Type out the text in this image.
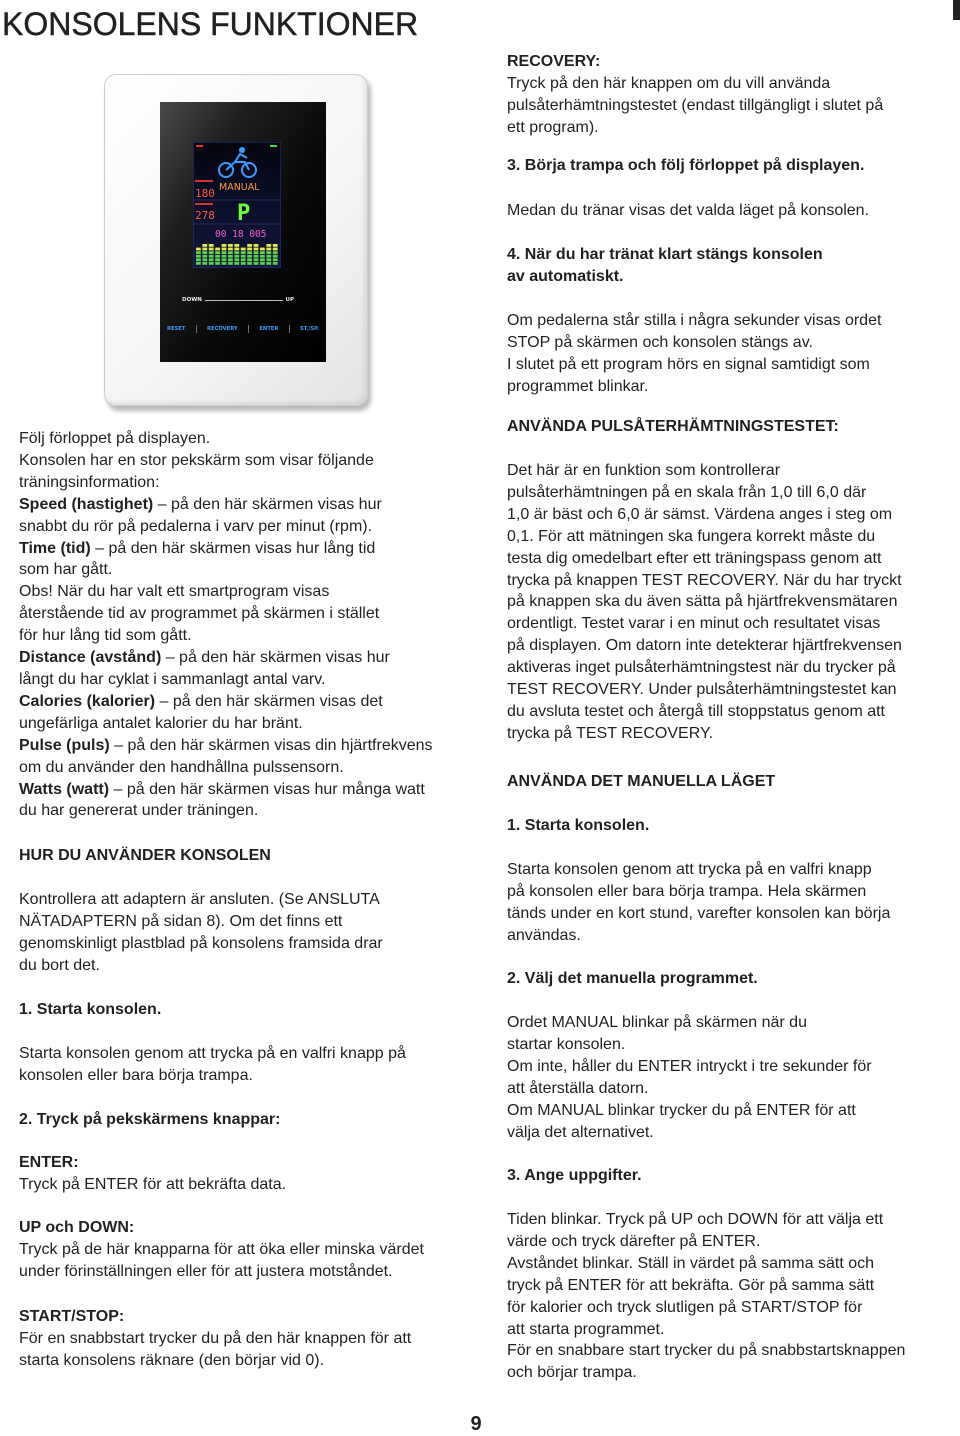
KONSOLENS FUNKTIONER
MANUAL
180
278 P
00 18 005
DOWN	UP
RESET	RECOVERY	ENTER	ST./SP.
Följ förloppet på displayen.
Konsolen har en stor pekskärm som visar följande
träningsinformation:
Speed (hastighet) – på den här skärmen visas hur
snabbt du rör på pedalerna i varv per minut (rpm).
Time (tid) – på den här skärmen visas hur lång tid
som har gått.
Obs! När du har valt ett smartprogram visas
återstående tid av programmet på skärmen i stället
för hur lång tid som gått.
Distance (avstånd) – på den här skärmen visas hur
långt du har cyklat i sammanlagt antal varv.
Calories (kalorier) – på den här skärmen visas det
ungefärliga antalet kalorier du har bränt.
Pulse (puls) – på den här skärmen visas din hjärtfrekvens
om du använder den handhållna pulssensorn.
Watts (watt) – på den här skärmen visas hur många watt
du har genererat under träningen.
HUR DU ANVÄNDER KONSOLEN
Kontrollera att adaptern är ansluten. (Se ANSLUTA
NÄTADAPTERN på sidan 8). Om det finns ett
genomskinligt plastblad på konsolens framsida drar
du bort det.
1. Starta konsolen.
Starta konsolen genom att trycka på en valfri knapp på
konsolen eller bara börja trampa.
2. Tryck på pekskärmens knappar:
ENTER:
Tryck på ENTER för att bekräfta data.
UP och DOWN:
Tryck på de här knapparna för att öka eller minska värdet
under förinställningen eller för att justera motståndet.
START/STOP:
För en snabbstart trycker du på den här knappen för att
starta konsolens räknare (den börjar vid 0).
RECOVERY:
Tryck på den här knappen om du vill använda
pulsåterhämtningstestet (endast tillgängligt i slutet på
ett program).
3. Börja trampa och följ förloppet på displayen.
Medan du tränar visas det valda läget på konsolen.
4. När du har tränat klart stängs konsolen
av automatiskt.
Om pedalerna står stilla i några sekunder visas ordet
STOP på skärmen och konsolen stängs av.
I slutet på ett program hörs en signal samtidigt som
programmet blinkar.
ANVÄNDA PULSÅTERHÄMTNINGSTESTET:
Det här är en funktion som kontrollerar
pulsåterhämtningen på en skala från 1,0 till 6,0 där
1,0 är bäst och 6,0 är sämst. Värdena anges i steg om
0,1. För att mätningen ska fungera korrekt måste du
testa dig omedelbart efter ett träningspass genom att
trycka på knappen TEST RECOVERY. När du har tryckt
på knappen ska du även sätta på hjärtfrekvensmätaren
ordentligt. Testet varar i en minut och resultatet visas
på displayen. Om datorn inte detekterar hjärtfrekvensen
aktiveras inget pulsåterhämtningstest när du trycker på
TEST RECOVERY. Under pulsåterhämtningstestet kan
du avsluta testet och återgå till stoppstatus genom att
trycka på TEST RECOVERY.
ANVÄNDA DET MANUELLA LÄGET
1. Starta konsolen.
Starta konsolen genom att trycka på en valfri knapp
på konsolen eller bara börja trampa. Hela skärmen
tänds under en kort stund, varefter konsolen kan börja
användas.
2. Välj det manuella programmet.
Ordet MANUAL blinkar på skärmen när du
startar konsolen.
Om inte, håller du ENTER intryckt i tre sekunder för
att återställa datorn.
Om MANUAL blinkar trycker du på ENTER för att
välja det alternativet.
3. Ange uppgifter.
Tiden blinkar. Tryck på UP och DOWN för att välja ett
värde och tryck därefter på ENTER.
Avståndet blinkar. Ställ in värdet på samma sätt och
tryck på ENTER för att bekräfta. Gör på samma sätt
för kalorier och tryck slutligen på START/STOP för
att starta programmet.
För en snabbare start trycker du på snabbstartsknappen
och börjar trampa.
9
